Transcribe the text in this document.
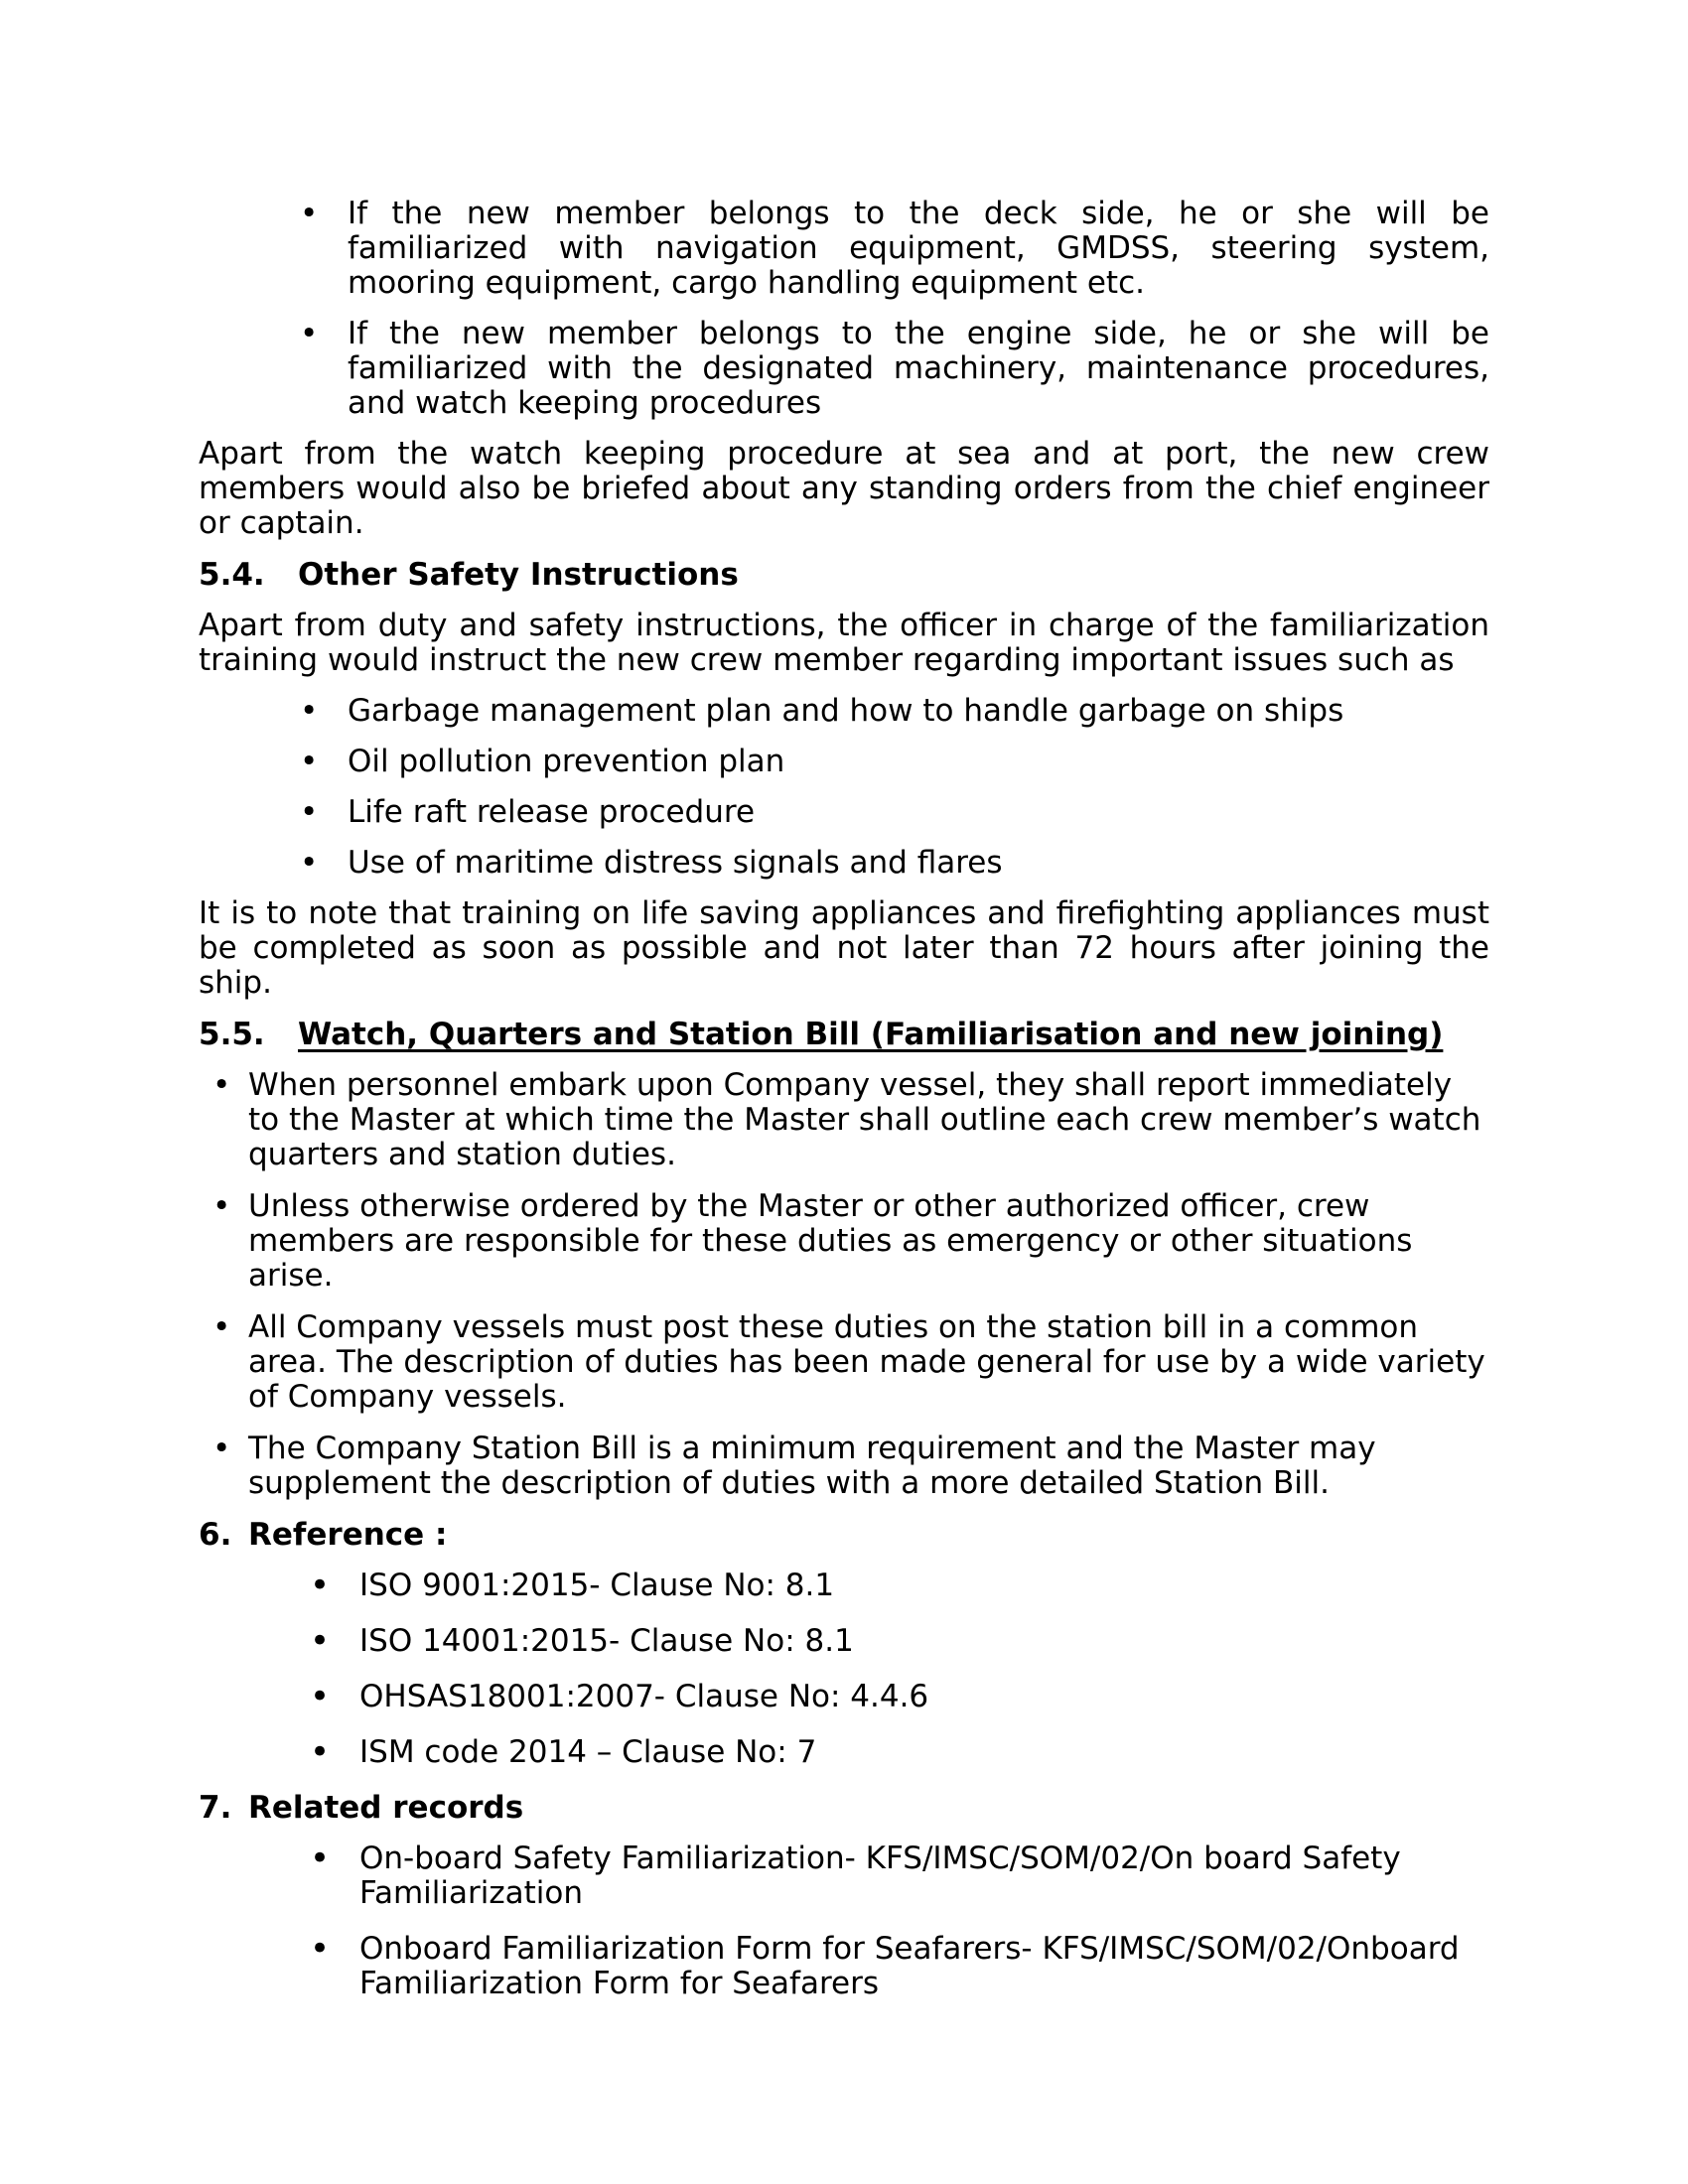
• If the new member belongs to the deck side, he or she will be familiarized with navigation equipment, GMDSS, steering system, mooring equipment, cargo handling equipment etc.
• If the new member belongs to the engine side, he or she will be familiarized with the designated machinery, maintenance procedures, and watch keeping procedures

Apart from the watch keeping procedure at sea and at port, the new crew members would also be briefed about any standing orders from the chief engineer or captain.

5.4. Other Safety Instructions

Apart from duty and safety instructions, the officer in charge of the familiarization training would instruct the new crew member regarding important issues such as

• Garbage management plan and how to handle garbage on ships
• Oil pollution prevention plan
• Life raft release procedure
• Use of maritime distress signals and flares

It is to note that training on life saving appliances and firefighting appliances must be completed as soon as possible and not later than 72 hours after joining the ship.

5.5. Watch, Quarters and Station Bill (Familiarisation and new joining)
• When personnel embark upon Company vessel, they shall report immediately to the Master at which time the Master shall outline each crew member’s watch quarters and station duties.
• Unless otherwise ordered by the Master or other authorized officer, crew members are responsible for these duties as emergency or other situations arise.
• All Company vessels must post these duties on the station bill in a common area. The description of duties has been made general for use by a wide variety of Company vessels.
• The Company Station Bill is a minimum requirement and the Master may supplement the description of duties with a more detailed Station Bill.
6. Reference :
• ISO 9001:2015- Clause No: 8.1
• ISO 14001:2015- Clause No: 8.1
• OHSAS18001:2007- Clause No: 4.4.6
• ISM code 2014 – Clause No: 7
7. Related records
• On-board Safety Familiarization- KFS/IMSC/SOM/02/On board Safety Familiarization
• Onboard Familiarization Form for Seafarers- KFS/IMSC/SOM/02/Onboard Familiarization Form for Seafarers
